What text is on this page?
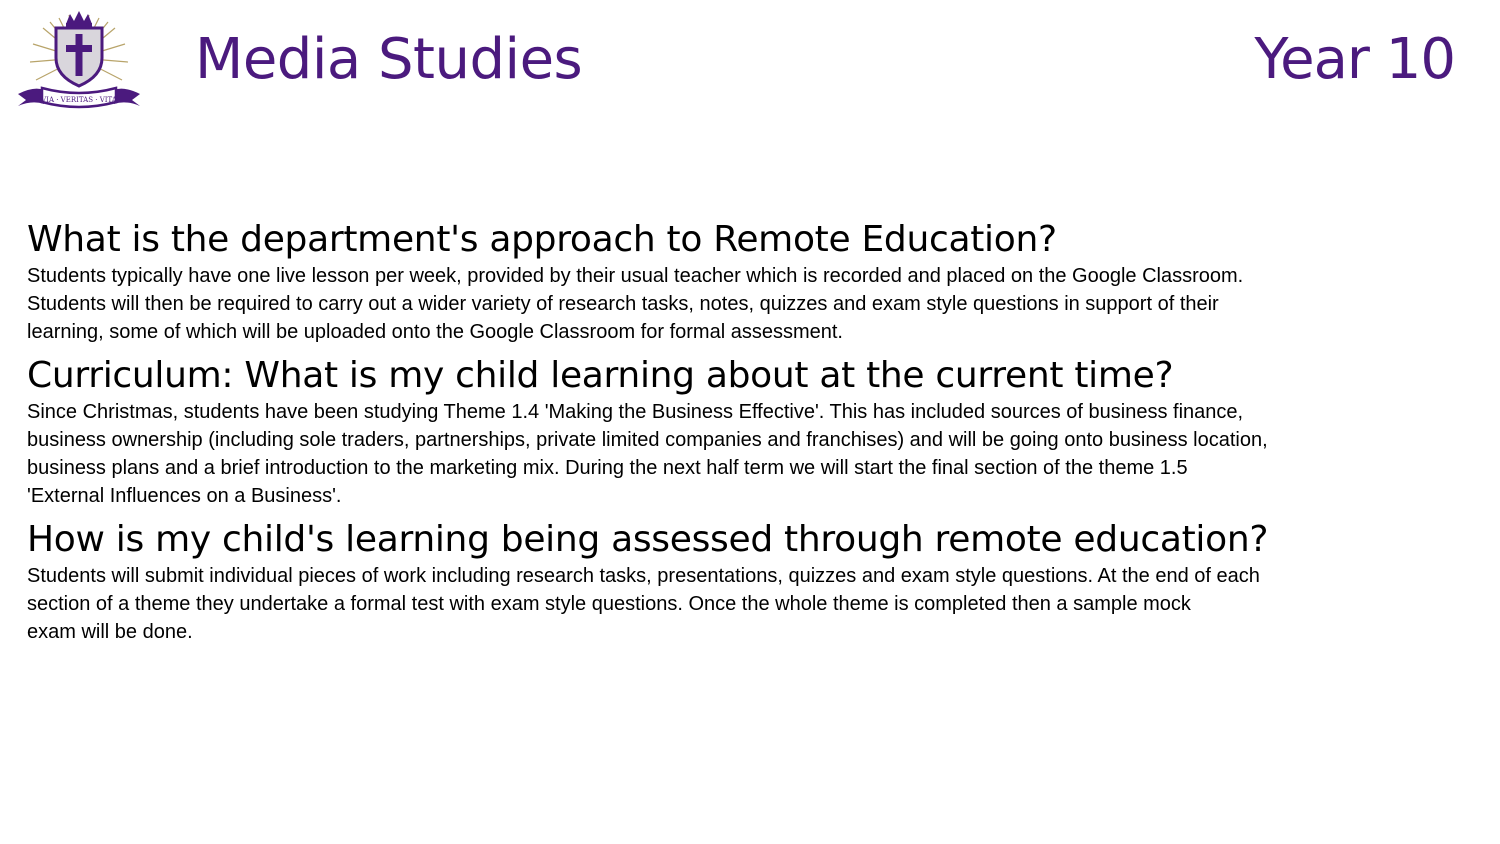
VIA · VERITAS · VITA
Media Studies	Year 10
What is the department's approach to Remote Education?
Students typically have one live lesson per week, provided by their usual teacher which is recorded and placed on the Google Classroom.
Students will then be required to carry out a wider variety of research tasks, notes, quizzes and exam style questions in support of their
learning, some of which will be uploaded onto the Google Classroom for formal assessment.
Curriculum: What is my child learning about at the current time?
Since Christmas, students have been studying Theme 1.4 'Making the Business Effective'. This has included sources of business finance,
business ownership (including sole traders, partnerships, private limited companies and franchises) and will be going onto business location,
business plans and a brief introduction to the marketing mix. During the next half term we will start the final section of the theme 1.5
'External Influences on a Business'.
How is my child's learning being assessed through remote education?
Students will submit individual pieces of work including research tasks, presentations, quizzes and exam style questions. At the end of each
section of a theme they undertake a formal test with exam style questions. Once the whole theme is completed then a sample mock
exam will be done.
